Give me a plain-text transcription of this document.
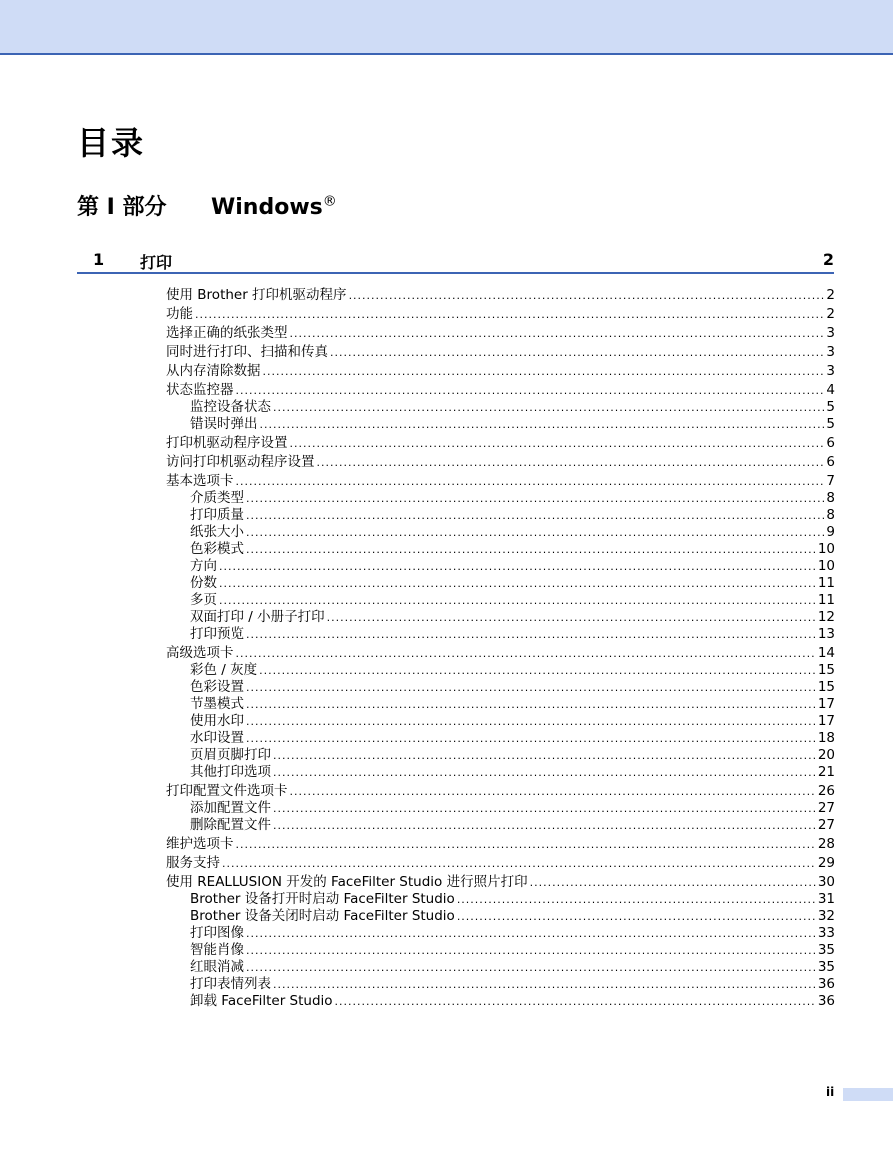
目录
第 I 部分 Windows®
1 打印	2
使用 Brother 打印机驱动程序 .....	2
功能 .....	2
选择正确的纸张类型 .....	3
同时进行打印、扫描和传真 .....	3
从内存清除数据 .....	3
状态监控器 .....	4
监控设备状态 .....	5
错误时弹出 .....	5
打印机驱动程序设置 .....	6
访问打印机驱动程序设置 .....	6
基本选项卡 .....	7
介质类型 .....	8
打印质量 .....	8
纸张大小 .....	9
色彩模式 .....	10
方向 .....	10
份数 .....	11
多页 .....	11
双面打印 / 小册子打印 .....	12
打印预览 .....	13
高级选项卡 .....	14
彩色 / 灰度 .....	15
色彩设置 .....	15
节墨模式 .....	17
使用水印 .....	17
水印设置 .....	18
页眉页脚打印 .....	20
其他打印选项 .....	21
打印配置文件选项卡 .....	26
添加配置文件 .....	27
删除配置文件 .....	27
维护选项卡 .....	28
服务支持 .....	29
使用 REALLUSION 开发的 FaceFilter Studio 进行照片打印 .....	30
Brother 设备打开时启动 FaceFilter Studio .....	31
Brother 设备关闭时启动 FaceFilter Studio .....	32
打印图像 .....	33
智能肖像 .....	35
红眼消减 .....	35
打印表情列表 .....	36
卸载 FaceFilter Studio .....	36
ii
